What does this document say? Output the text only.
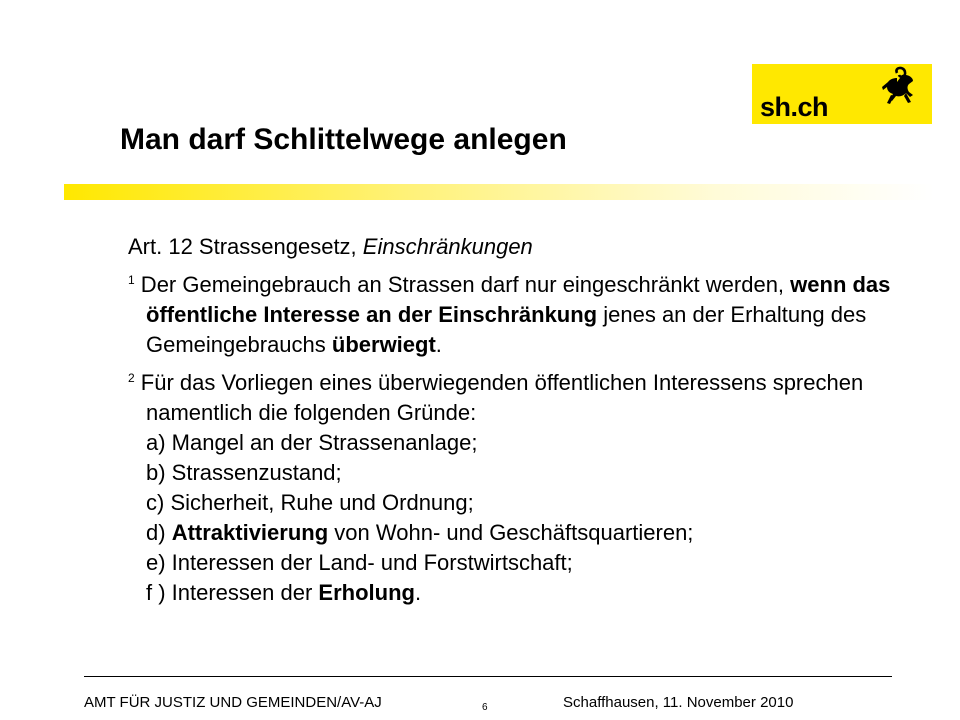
sh.ch
Man darf Schlittelwege anlegen

Art. 12 Strassengesetz, Einschränkungen

$^1$ Der Gemeingebrauch an Strassen darf nur eingeschränkt werden, wenn das öffentliche Interesse an der Einschränkung jenes an der Erhaltung des Gemeingebrauchs überwiegt.

$^2$ Für das Vorliegen eines überwiegenden öffentlichen Interessens sprechen namentlich die folgenden Gründe:

a) Mangel an der Strassenanlage;
b) Strassenzustand;
c) Sicherheit, Ruhe und Ordnung;
d) Attraktivierung von Wohn- und Geschäftsquartieren;
e) Interessen der Land- und Forstwirtschaft;
f ) Interessen der Erholung.
AMT FÜR JUSTIZ UND GEMEINDEN/AV-AJ	6	Schaffhausen, 11. November 2010
